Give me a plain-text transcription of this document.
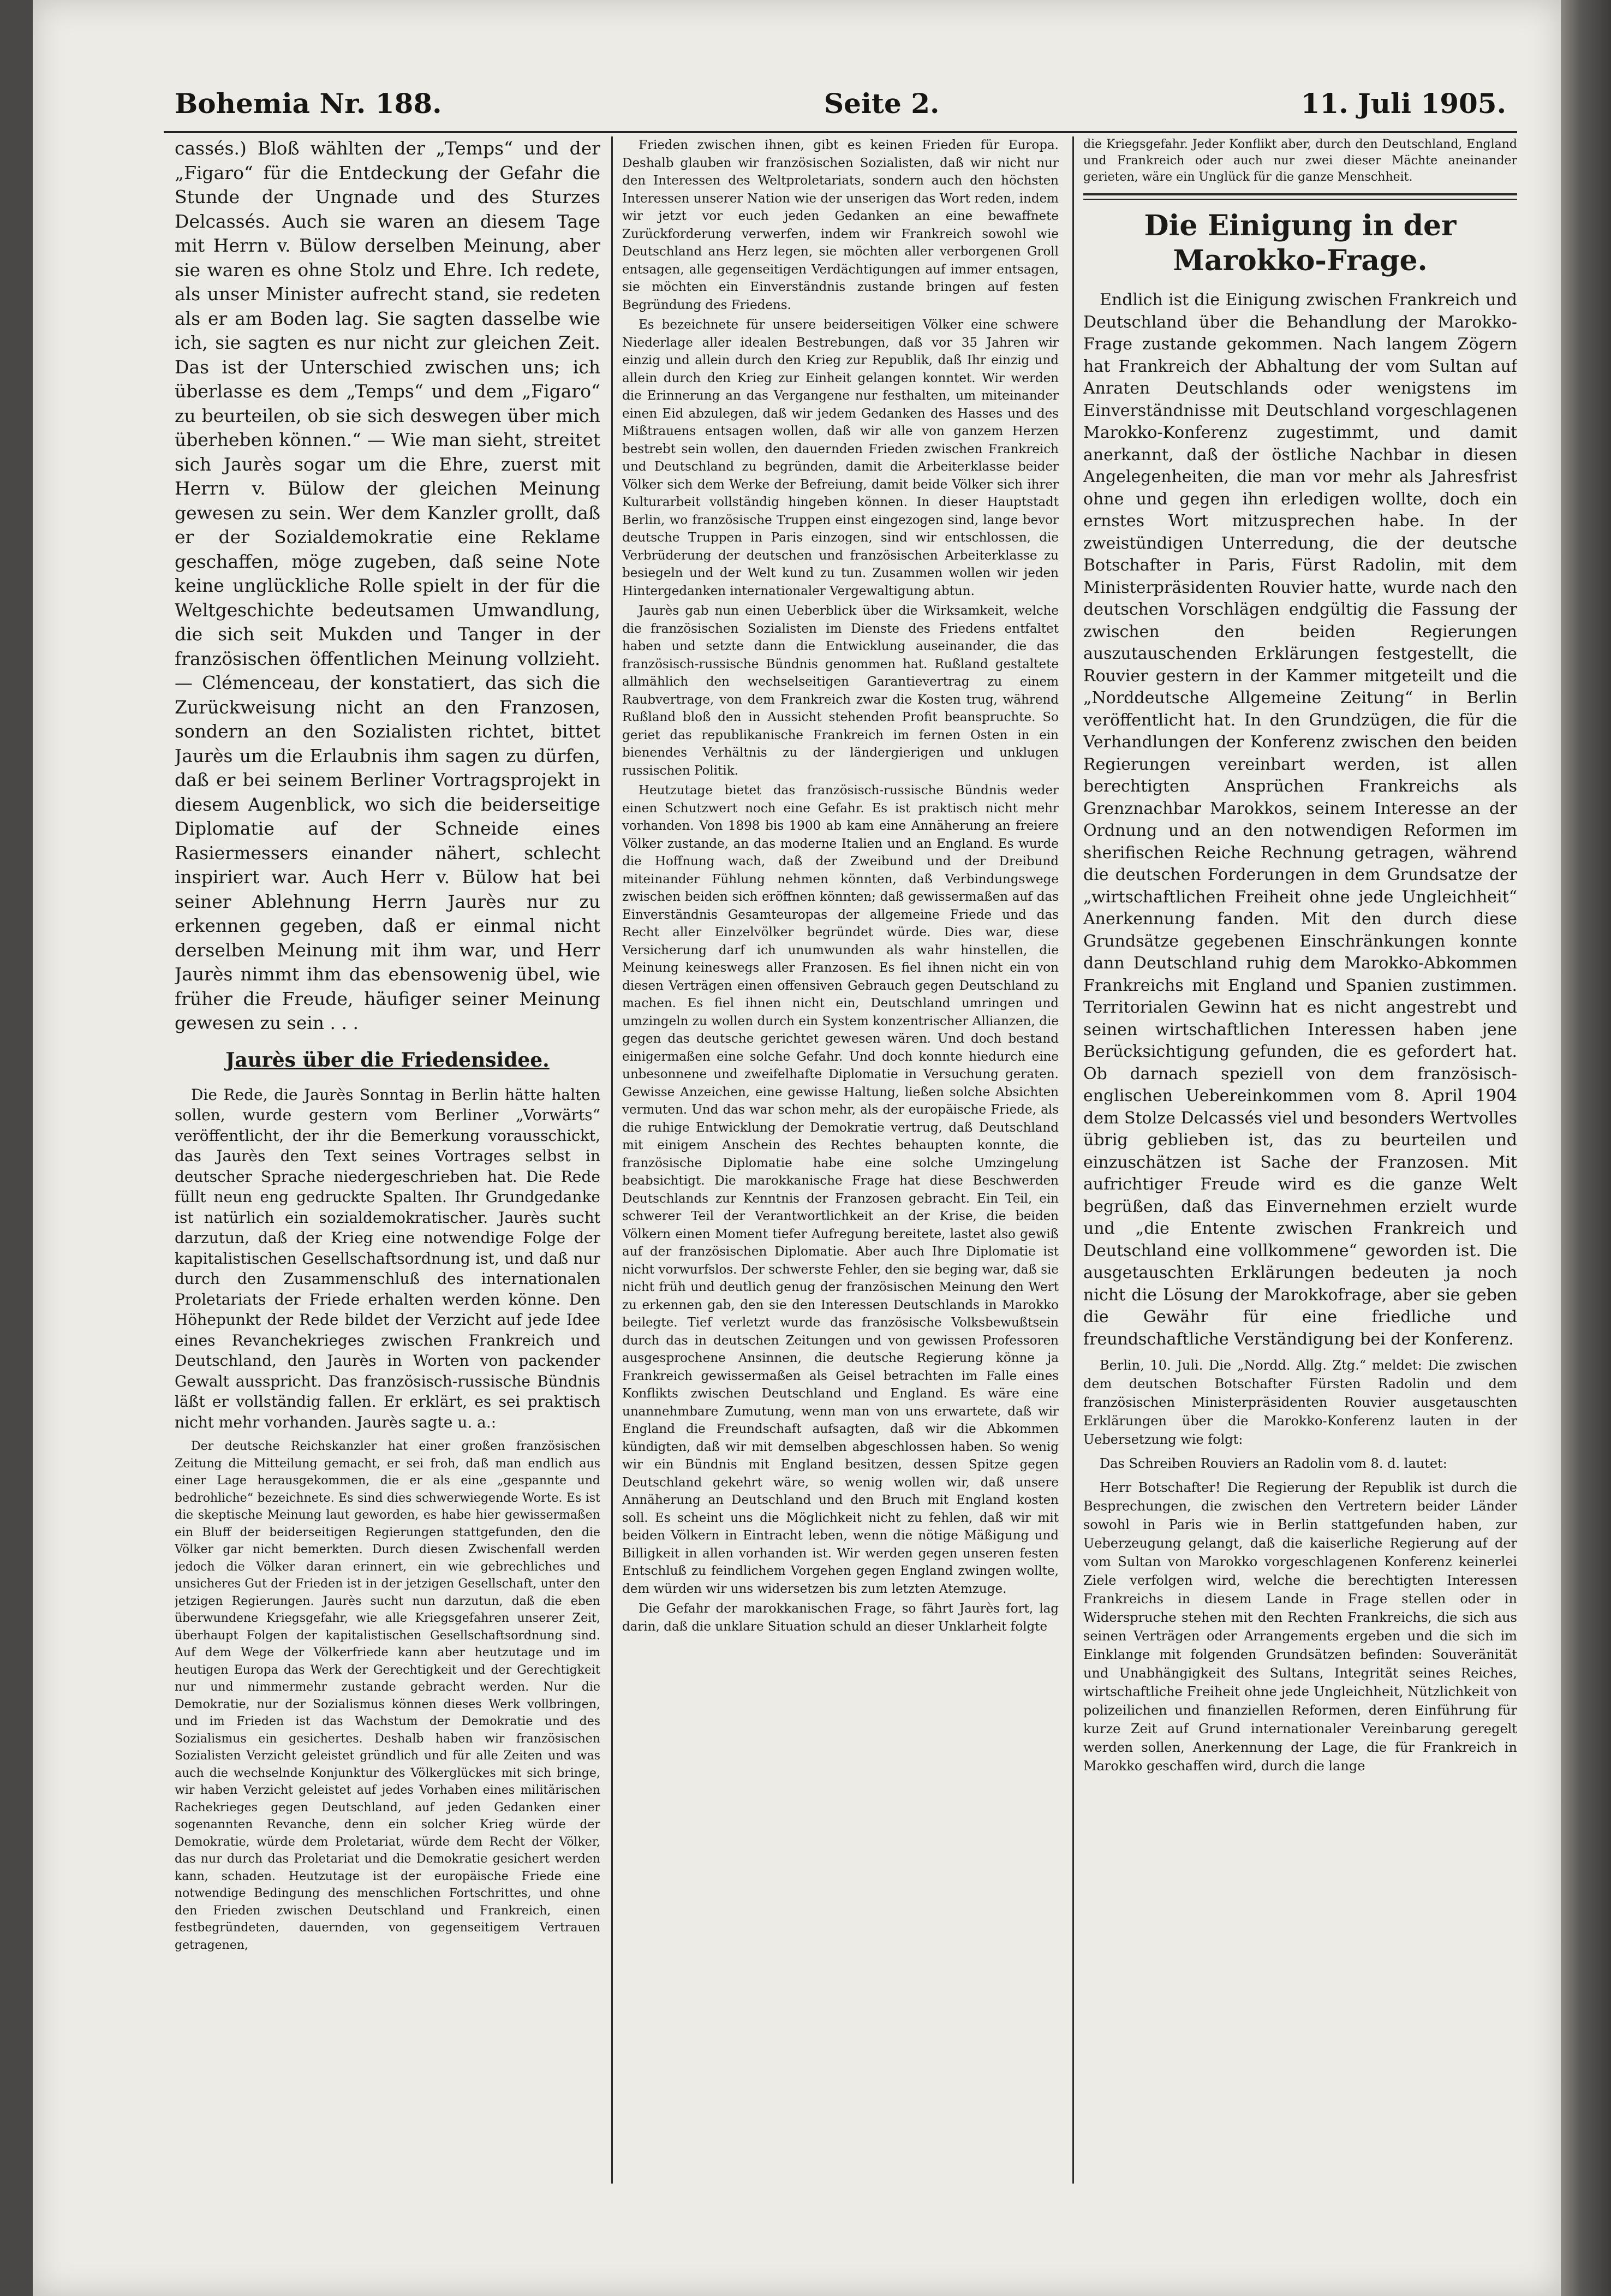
Bohemia Nr. 188.	Seite 2.	11. Juli 1905.

cassés.) Bloß wählten der „Temps“ und der „Figaro“ für die Entdeckung der Gefahr die Stunde der Ungnade und des Sturzes Delcassés. Auch sie waren an diesem Tage mit Herrn v. Bülow derselben Meinung, aber sie waren es ohne Stolz und Ehre. Ich redete, als unser Minister aufrecht stand, sie redeten als er am Boden lag. Sie sagten dasselbe wie ich, sie sagten es nur nicht zur gleichen Zeit. Das ist der Unterschied zwischen uns; ich überlasse es dem „Temps“ und dem „Figaro“ zu beurteilen, ob sie sich deswegen über mich überheben können.“ — Wie man sieht, streitet sich Jaurès sogar um die Ehre, zuerst mit Herrn v. Bülow der gleichen Meinung gewesen zu sein. Wer dem Kanzler grollt, daß er der Sozialdemokratie eine Reklame geschaffen, möge zugeben, daß seine Note keine unglückliche Rolle spielt in der für die Weltgeschichte bedeutsamen Umwandlung, die sich seit Mukden und Tanger in der französischen öffentlichen Meinung vollzieht. — Clémenceau, der konstatiert, das sich die Zurückweisung nicht an den Franzosen, sondern an den Sozialisten richtet, bittet Jaurès um die Erlaubnis ihm sagen zu dürfen, daß er bei seinem Berliner Vortragsprojekt in diesem Augenblick, wo sich die beiderseitige Diplomatie auf der Schneide eines Rasiermessers einander nähert, schlecht inspiriert war. Auch Herr v. Bülow hat bei seiner Ablehnung Herrn Jaurès nur zu erkennen gegeben, daß er einmal nicht derselben Meinung mit ihm war, und Herr Jaurès nimmt ihm das ebensowenig übel, wie früher die Freude, häufiger seiner Meinung gewesen zu sein . . .

Jaurès über die Friedensidee.

Die Rede, die Jaurès Sonntag in Berlin hätte halten sollen, wurde gestern vom Berliner „Vorwärts“ veröffentlicht, der ihr die Bemerkung vorausschickt, das Jaurès den Text seines Vortrages selbst in deutscher Sprache niedergeschrieben hat. Die Rede füllt neun eng gedruckte Spalten. Ihr Grundgedanke ist natürlich ein sozialdemokratischer. Jaurès sucht darzutun, daß der Krieg eine notwendige Folge der kapitalistischen Gesellschaftsordnung ist, und daß nur durch den Zusammenschluß des internationalen Proletariats der Friede erhalten werden könne. Den Höhepunkt der Rede bildet der Verzicht auf jede Idee eines Revanchekrieges zwischen Frankreich und Deutschland, den Jaurès in Worten von packender Gewalt ausspricht. Das französisch-russische Bündnis läßt er vollständig fallen. Er erklärt, es sei praktisch nicht mehr vorhanden. Jaurès sagte u. a.:

Der deutsche Reichskanzler hat einer großen französischen Zeitung die Mitteilung gemacht, er sei froh, daß man endlich aus einer Lage herausgekommen, die er als eine „gespannte und bedrohliche“ bezeichnete. Es sind dies schwerwiegende Worte. Es ist die skeptische Meinung laut geworden, es habe hier gewissermaßen ein Bluff der beiderseitigen Regierungen stattgefunden, den die Völker gar nicht bemerkten. Durch diesen Zwischenfall werden jedoch die Völker daran erinnert, ein wie gebrechliches und unsicheres Gut der Frieden ist in der jetzigen Gesellschaft, unter den jetzigen Regierungen. Jaurès sucht nun darzutun, daß die eben überwundene Kriegsgefahr, wie alle Kriegsgefahren unserer Zeit, überhaupt Folgen der kapitalistischen Gesellschaftsordnung sind. Auf dem Wege der Völkerfriede kann aber heutzutage und im heutigen Europa das Werk der Gerechtigkeit und der Gerechtigkeit nur und nimmermehr zustande gebracht werden. Nur die Demokratie, nur der Sozialismus können dieses Werk vollbringen, und im Frieden ist das Wachstum der Demokratie und des Sozialismus ein gesichertes. Deshalb haben wir französischen Sozialisten Verzicht geleistet gründlich und für alle Zeiten und was auch die wechselnde Konjunktur des Völkerglückes mit sich bringe, wir haben Verzicht geleistet auf jedes Vorhaben eines militärischen Rachekrieges gegen Deutschland, auf jeden Gedanken einer sogenannten Revanche, denn ein solcher Krieg würde der Demokratie, würde dem Proletariat, würde dem Recht der Völker, das nur durch das Proletariat und die Demokratie gesichert werden kann, schaden. Heutzutage ist der europäische Friede eine notwendige Bedingung des menschlichen Fortschrittes, und ohne den Frieden zwischen Deutschland und Frankreich, einen festbegründeten, dauernden, von gegenseitigem Vertrauen getragenen,

Frieden zwischen ihnen, gibt es keinen Frieden für Europa. Deshalb glauben wir französischen Sozialisten, daß wir nicht nur den Interessen des Weltproletariats, sondern auch den höchsten Interessen unserer Nation wie der unserigen das Wort reden, indem wir jetzt vor euch jeden Gedanken an eine bewaffnete Zurückforderung verwerfen, indem wir Frankreich sowohl wie Deutschland ans Herz legen, sie möchten aller verborgenen Groll entsagen, alle gegenseitigen Verdächtigungen auf immer entsagen, sie möchten ein Einverständnis zustande bringen auf festen Begründung des Friedens.

Es bezeichnete für unsere beiderseitigen Völker eine schwere Niederlage aller idealen Bestrebungen, daß vor 35 Jahren wir einzig und allein durch den Krieg zur Republik, daß Ihr einzig und allein durch den Krieg zur Einheit gelangen konntet. Wir werden die Erinnerung an das Vergangene nur festhalten, um miteinander einen Eid abzulegen, daß wir jedem Gedanken des Hasses und des Mißtrauens entsagen wollen, daß wir alle von ganzem Herzen bestrebt sein wollen, den dauernden Frieden zwischen Frankreich und Deutschland zu begründen, damit die Arbeiterklasse beider Völker sich dem Werke der Befreiung, damit beide Völker sich ihrer Kulturarbeit vollständig hingeben können. In dieser Hauptstadt Berlin, wo französische Truppen einst eingezogen sind, lange bevor deutsche Truppen in Paris einzogen, sind wir entschlossen, die Verbrüderung der deutschen und französischen Arbeiterklasse zu besiegeln und der Welt kund zu tun. Zusammen wollen wir jeden Hintergedanken internationaler Vergewaltigung abtun.

Jaurès gab nun einen Ueberblick über die Wirksamkeit, welche die französischen Sozialisten im Dienste des Friedens entfaltet haben und setzte dann die Entwicklung auseinander, die das französisch-russische Bündnis genommen hat. Rußland gestaltete allmählich den wechselseitigen Garantievertrag zu einem Raubvertrage, von dem Frankreich zwar die Kosten trug, während Rußland bloß den in Aussicht stehenden Profit beanspruchte. So geriet das republikanische Frankreich im fernen Osten in ein bienendes Verhältnis zu der ländergierigen und unklugen russischen Politik.

Heutzutage bietet das französisch-russische Bündnis weder einen Schutzwert noch eine Gefahr. Es ist praktisch nicht mehr vorhanden. Von 1898 bis 1900 ab kam eine Annäherung an freiere Völker zustande, an das moderne Italien und an England. Es wurde die Hoffnung wach, daß der Zweibund und der Dreibund miteinander Fühlung nehmen könnten, daß Verbindungswege zwischen beiden sich eröffnen könnten; daß gewissermaßen auf das Einverständnis Gesamteuropas der allgemeine Friede und das Recht aller Einzelvölker begründet würde. Dies war, diese Versicherung darf ich unumwunden als wahr hinstellen, die Meinung keineswegs aller Franzosen. Es fiel ihnen nicht ein von diesen Verträgen einen offensiven Gebrauch gegen Deutschland zu machen. Es fiel ihnen nicht ein, Deutschland umringen und umzingeln zu wollen durch ein System konzentrischer Allianzen, die gegen das deutsche gerichtet gewesen wären. Und doch bestand einigermaßen eine solche Gefahr. Und doch konnte hiedurch eine unbesonnene und zweifelhafte Diplomatie in Versuchung geraten. Gewisse Anzeichen, eine gewisse Haltung, ließen solche Absichten vermuten. Und das war schon mehr, als der europäische Friede, als die ruhige Entwicklung der Demokratie vertrug, daß Deutschland mit einigem Anschein des Rechtes behaupten konnte, die französische Diplomatie habe eine solche Umzingelung beabsichtigt. Die marokkanische Frage hat diese Beschwerden Deutschlands zur Kenntnis der Franzosen gebracht. Ein Teil, ein schwerer Teil der Verantwortlichkeit an der Krise, die beiden Völkern einen Moment tiefer Aufregung bereitete, lastet also gewiß auf der französischen Diplomatie. Aber auch Ihre Diplomatie ist nicht vorwurfslos. Der schwerste Fehler, den sie beging war, daß sie nicht früh und deutlich genug der französischen Meinung den Wert zu erkennen gab, den sie den Interessen Deutschlands in Marokko beilegte. Tief verletzt wurde das französische Volksbewußtsein durch das in deutschen Zeitungen und von gewissen Professoren ausgesprochene Ansinnen, die deutsche Regierung könne ja Frankreich gewissermaßen als Geisel betrachten im Falle eines Konflikts zwischen Deutschland und England. Es wäre eine unannehmbare Zumutung, wenn man von uns erwartete, daß wir England die Freundschaft aufsagten, daß wir die Abkommen kündigten, daß wir mit demselben abgeschlossen haben. So wenig wir ein Bündnis mit England besitzen, dessen Spitze gegen Deutschland gekehrt wäre, so wenig wollen wir, daß unsere Annäherung an Deutschland und den Bruch mit England kosten soll. Es scheint uns die Möglichkeit nicht zu fehlen, daß wir mit beiden Völkern in Eintracht leben, wenn die nötige Mäßigung und Billigkeit in allen vorhanden ist. Wir werden gegen unseren festen Entschluß zu feindlichem Vorgehen gegen England zwingen wollte, dem würden wir uns widersetzen bis zum letzten Atemzuge.

Die Gefahr der marokkanischen Frage, so fährt Jaurès fort, lag darin, daß die unklare Situation schuld an dieser Unklarheit folgte

die Kriegsgefahr. Jeder Konflikt aber, durch den Deutschland, England und Frankreich oder auch nur zwei dieser Mächte aneinander gerieten, wäre ein Unglück für die ganze Menschheit.

Die Einigung in der Marokko-Frage.

Endlich ist die Einigung zwischen Frankreich und Deutschland über die Behandlung der Marokko-Frage zustande gekommen. Nach langem Zögern hat Frankreich der Abhaltung der vom Sultan auf Anraten Deutschlands oder wenigstens im Einverständnisse mit Deutschland vorgeschlagenen Marokko-Konferenz zugestimmt, und damit anerkannt, daß der östliche Nachbar in diesen Angelegenheiten, die man vor mehr als Jahresfrist ohne und gegen ihn erledigen wollte, doch ein ernstes Wort mitzusprechen habe. In der zweistündigen Unterredung, die der deutsche Botschafter in Paris, Fürst Radolin, mit dem Ministerpräsidenten Rouvier hatte, wurde nach den deutschen Vorschlägen endgültig die Fassung der zwischen den beiden Regierungen auszutauschenden Erklärungen festgestellt, die Rouvier gestern in der Kammer mitgeteilt und die „Norddeutsche Allgemeine Zeitung“ in Berlin veröffentlicht hat. In den Grundzügen, die für die Verhandlungen der Konferenz zwischen den beiden Regierungen vereinbart werden, ist allen berechtigten Ansprüchen Frankreichs als Grenznachbar Marokkos, seinem Interesse an der Ordnung und an den notwendigen Reformen im sherifischen Reiche Rechnung getragen, während die deutschen Forderungen in dem Grundsatze der „wirtschaftlichen Freiheit ohne jede Ungleichheit“ Anerkennung fanden. Mit den durch diese Grundsätze gegebenen Einschränkungen konnte dann Deutschland ruhig dem Marokko-Abkommen Frankreichs mit England und Spanien zustimmen. Territorialen Gewinn hat es nicht angestrebt und seinen wirtschaftlichen Interessen haben jene Berücksichtigung gefunden, die es gefordert hat. Ob darnach speziell von dem französisch-englischen Uebereinkommen vom 8. April 1904 dem Stolze Delcassés viel und besonders Wertvolles übrig geblieben ist, das zu beurteilen und einzuschätzen ist Sache der Franzosen. Mit aufrichtiger Freude wird es die ganze Welt begrüßen, daß das Einvernehmen erzielt wurde und „die Entente zwischen Frankreich und Deutschland eine vollkommene“ geworden ist. Die ausgetauschten Erklärungen bedeuten ja noch nicht die Lösung der Marokkofrage, aber sie geben die Gewähr für eine friedliche und freundschaftliche Verständigung bei der Konferenz.

Berlin, 10. Juli. Die „Nordd. Allg. Ztg.“ meldet: Die zwischen dem deutschen Botschafter Fürsten Radolin und dem französischen Ministerpräsidenten Rouvier ausgetauschten Erklärungen über die Marokko-Konferenz lauten in der Uebersetzung wie folgt:

Das Schreiben Rouviers an Radolin vom 8. d. lautet:

Herr Botschafter! Die Regierung der Republik ist durch die Besprechungen, die zwischen den Vertretern beider Länder sowohl in Paris wie in Berlin stattgefunden haben, zur Ueberzeugung gelangt, daß die kaiserliche Regierung auf der vom Sultan von Marokko vorgeschlagenen Konferenz keinerlei Ziele verfolgen wird, welche die berechtigten Interessen Frankreichs in diesem Lande in Frage stellen oder in Widerspruche stehen mit den Rechten Frankreichs, die sich aus seinen Verträgen oder Arrangements ergeben und die sich im Einklange mit folgenden Grundsätzen befinden: Souveränität und Unabhängigkeit des Sultans, Integrität seines Reiches, wirtschaftliche Freiheit ohne jede Ungleichheit, Nützlichkeit von polizeilichen und finanziellen Reformen, deren Einführung für kurze Zeit auf Grund internationaler Vereinbarung geregelt werden sollen, Anerkennung der Lage, die für Frankreich in Marokko geschaffen wird, durch die lange
